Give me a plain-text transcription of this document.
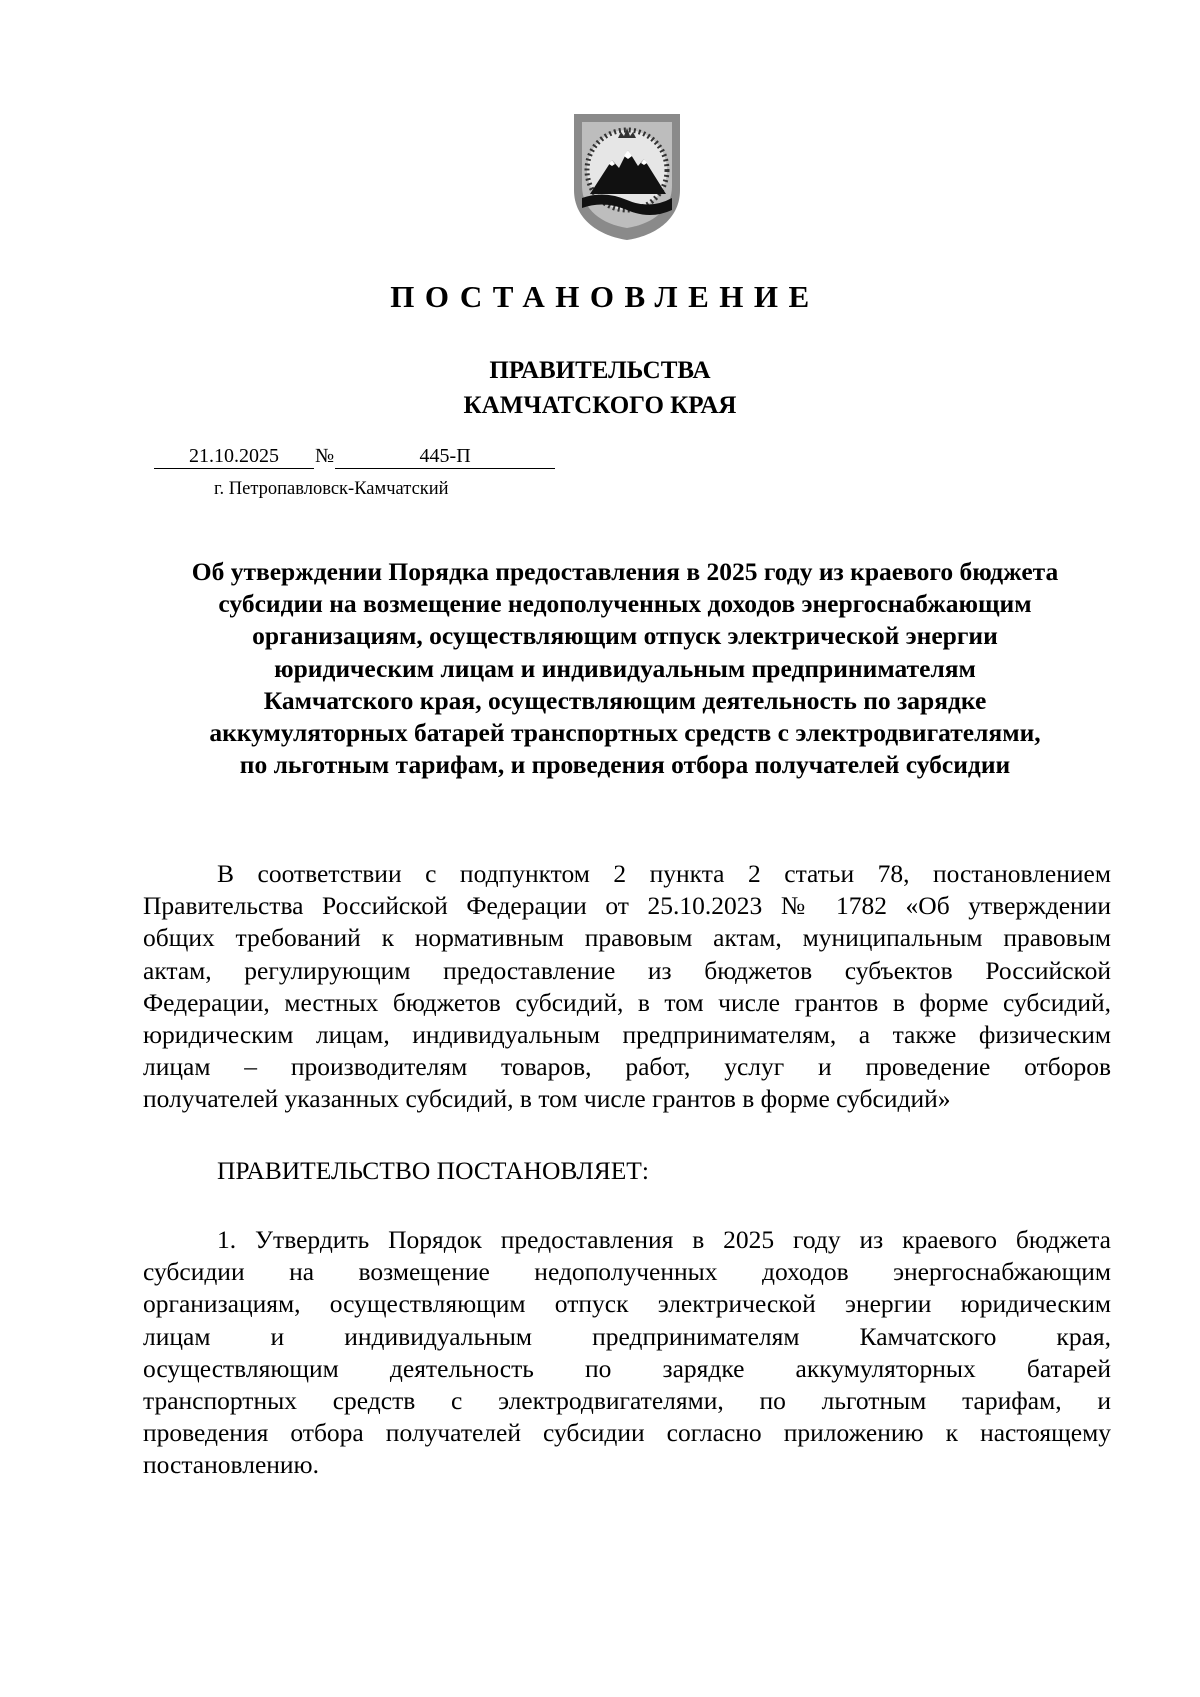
ПОСТАНОВЛЕНИЕ
ПРАВИТЕЛЬСТВА
КАМЧАТСКОГО КРАЯ
21.10.2025 №	445-П
г. Петропавловск-Камчатский
Об утверждении Порядка предоставления в 2025 году из краевого бюджета
субсидии на возмещение недополученных доходов энергоснабжающим
организациям, осуществляющим отпуск электрической энергии
юридическим лицам и индивидуальным предпринимателям
Камчатского края, осуществляющим деятельность по зарядке
аккумуляторных батарей транспортных средств с электродвигателями,
по льготным тарифам, и проведения отбора получателей субсидии

В соответствии с подпунктом 2 пункта 2 статьи 78, постановлением
Правительства Российской Федерации от 25.10.2023 № 1782 «Об утверждении
общих требований к нормативным правовым актам, муниципальным правовым
актам, регулирующим предоставление из бюджетов субъектов Российской
Федерации, местных бюджетов субсидий, в том числе грантов в форме субсидий,
юридическим лицам, индивидуальным предпринимателям, а также физическим
лицам – производителям товаров, работ, услуг и проведение отборов
получателей указанных субсидий, в том числе грантов в форме субсидий»

ПРАВИТЕЛЬСТВО ПОСТАНОВЛЯЕТ:

1. Утвердить Порядок предоставления в 2025 году из краевого бюджета
субсидии на возмещение недополученных доходов энергоснабжающим
организациям, осуществляющим отпуск электрической энергии юридическим
лицам и индивидуальным предпринимателям Камчатского края,
осуществляющим деятельность по зарядке аккумуляторных батарей
транспортных средств с электродвигателями, по льготным тарифам, и
проведения отбора получателей субсидии согласно приложению к настоящему
постановлению.
